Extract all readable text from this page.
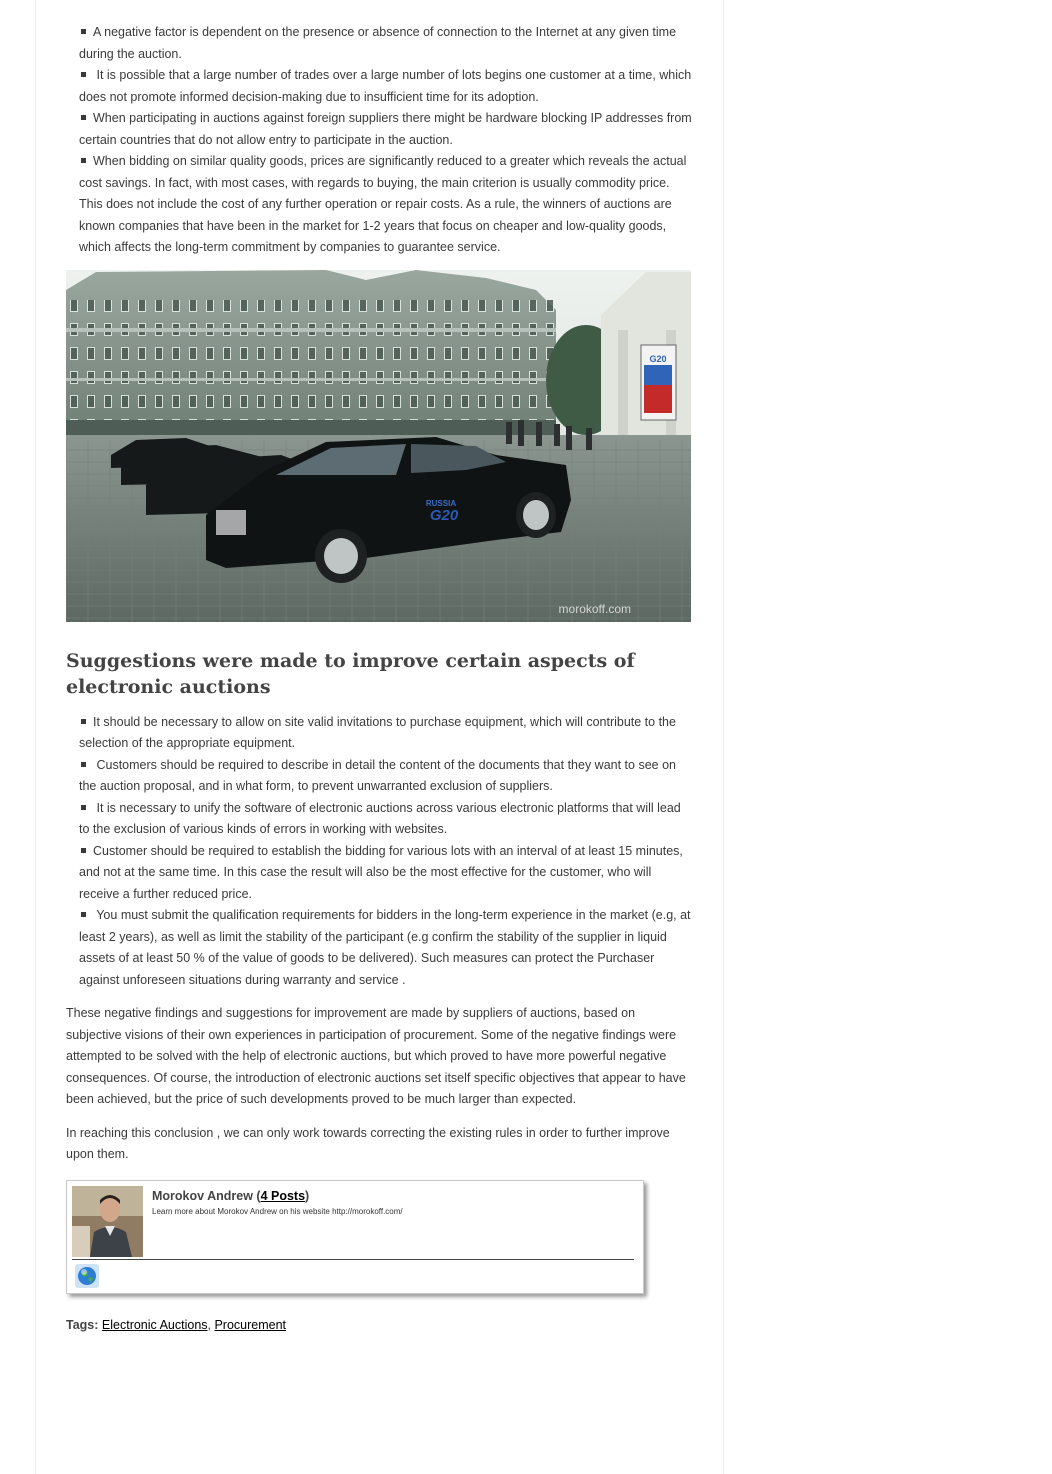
A negative factor is dependent on the presence or absence of connection to the Internet at any given time during the auction.
It is possible that a large number of trades over a large number of lots begins one customer at a time, which does not promote informed decision-making due to insufficient time for its adoption.
When participating in auctions against foreign suppliers there might be hardware blocking IP addresses from certain countries that do not allow entry to participate in the auction.
When bidding on similar quality goods, prices are significantly reduced to a greater which reveals the actual cost savings. In fact, with most cases, with regards to buying, the main criterion is usually commodity price. This does not include the cost of any further operation or repair costs. As a rule, the winners of auctions are known companies that have been in the market for 1-2 years that focus on cheaper and low-quality goods, which affects the long-term commitment by companies to guarantee service.
G20
RUSSIA
G20
morokoff.com
Suggestions were made to improve certain aspects of electronic auctions
It should be necessary to allow on site valid invitations to purchase equipment, which will contribute to the selection of the appropriate equipment.
Customers should be required to describe in detail the content of the documents that they want to see on the auction proposal, and in what form, to prevent unwarranted exclusion of suppliers.
It is necessary to unify the software of electronic auctions across various electronic platforms that will lead to the exclusion of various kinds of errors in working with websites.
Customer should be required to establish the bidding for various lots with an interval of at least 15 minutes, and not at the same time. In this case the result will also be the most effective for the customer, who will receive a further reduced price.
You must submit the qualification requirements for bidders in the long-term experience in the market (e.g, at least 2 years), as well as limit the stability of the participant (e.g confirm the stability of the supplier in liquid assets of at least 50 % of the value of goods to be delivered). Such measures can protect the Purchaser against unforeseen situations during warranty and service .

These negative findings and suggestions for improvement are made by suppliers of auctions, based on subjective visions of their own experiences in participation of procurement. Some of the negative findings were attempted to be solved with the help of electronic auctions, but which proved to have more powerful negative consequences. Of course, the introduction of electronic auctions set itself specific objectives that appear to have been achieved, but the price of such developments proved to be much larger than expected.

In reaching this conclusion , we can only work towards correcting the existing rules in order to further improve upon them.

Morokov Andrew (4 Posts)
Learn more about Morokov Andrew on his website http://morokoff.com/
Tags: Electronic Auctions, Procurement
